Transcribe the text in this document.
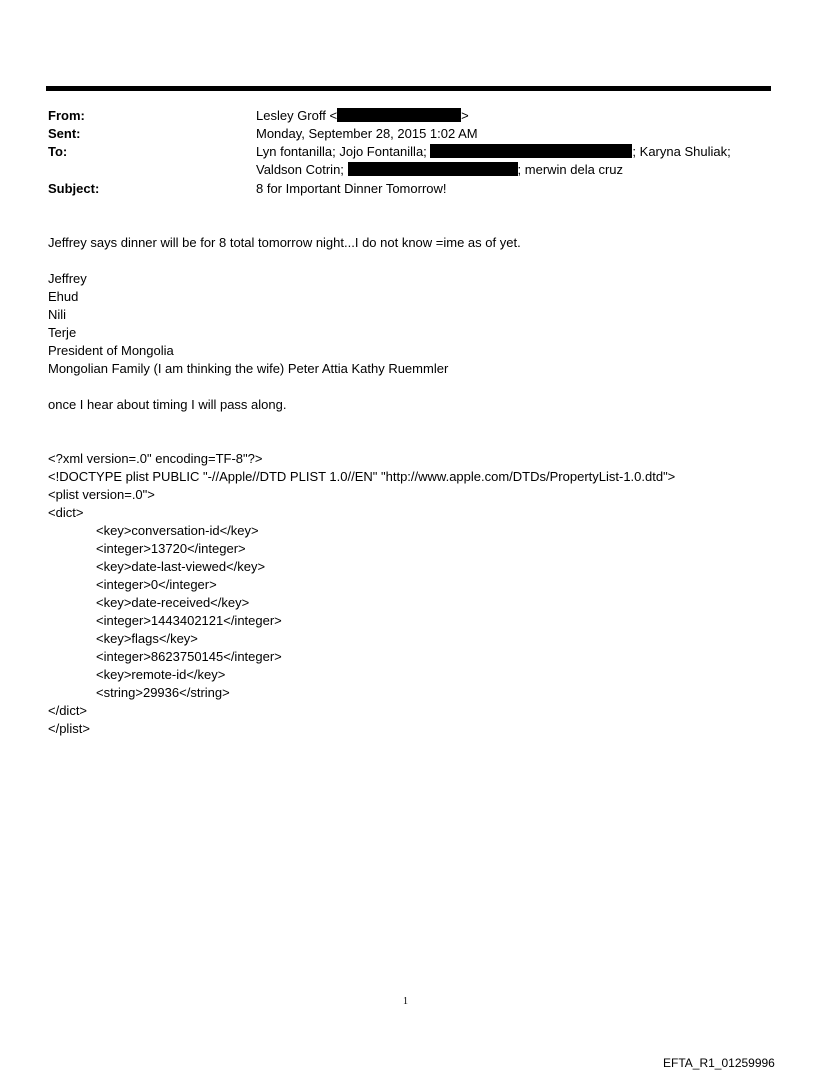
From:	Lesley Groff <	>
Sent:	Monday, September 28, 2015 1:02 AM
To:	Lyn fontanilla; Jojo Fontanilla;	; Karyna Shuliak;
Valdson Cotrin;	; merwin dela cruz
Subject:	8 for Important Dinner Tomorrow!
Jeffrey says dinner will be for 8 total tomorrow night...I do not know =ime as of yet.
Jeffrey
Ehud
Nili
Terje
President of Mongolia
Mongolian Family (I am thinking the wife) Peter Attia Kathy Ruemmler
once I hear about timing I will pass along.
<?xml version=.0" encoding=TF-8"?>
<!DOCTYPE plist PUBLIC "-//Apple//DTD PLIST 1.0//EN" "http://www.apple.com/DTDs/PropertyList-1.0.dtd">
<plist version=.0">
<dict>
<key>conversation-id</key>
<integer>13720</integer>
<key>date-last-viewed</key>
<integer>0</integer>
<key>date-received</key>
<integer>1443402121</integer>
<key>flags</key>
<integer>8623750145</integer>
<key>remote-id</key>
<string>29936</string>
</dict>
</plist>
1
EFTA_R1_01259996
